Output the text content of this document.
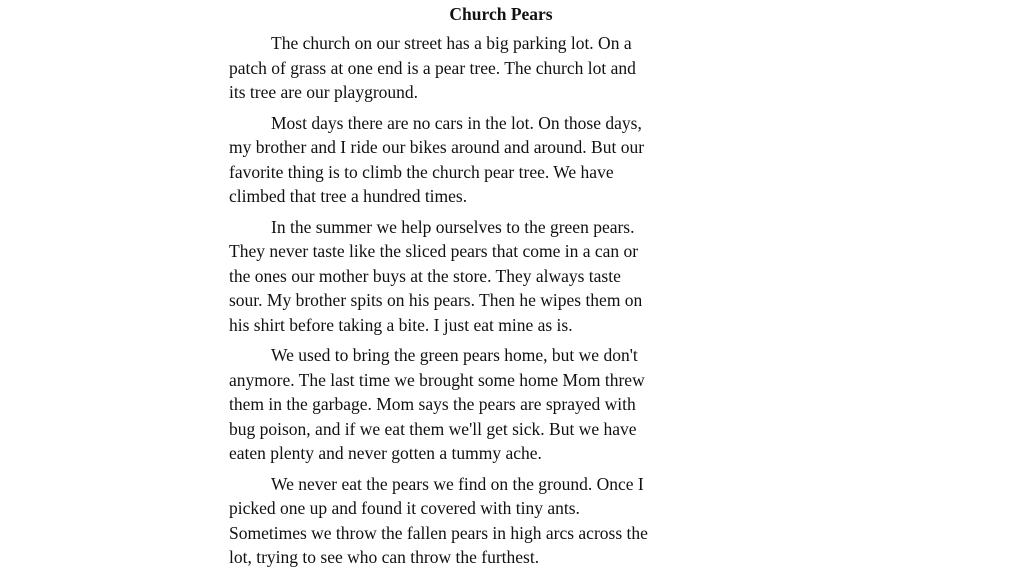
Church Pears
The church on our street has a big parking lot. On a
patch of grass at one end is a pear tree. The church lot and
its tree are our playground.
Most days there are no cars in the lot. On those days,
my brother and I ride our bikes around and around. But our
favorite thing is to climb the church pear tree. We have
climbed that tree a hundred times.
In the summer we help ourselves to the green pears.
They never taste like the sliced pears that come in a can or
the ones our mother buys at the store. They always taste
sour. My brother spits on his pears. Then he wipes them on
his shirt before taking a bite. I just eat mine as is.
We used to bring the green pears home, but we don't
anymore. The last time we brought some home Mom threw
them in the garbage. Mom says the pears are sprayed with
bug poison, and if we eat them we'll get sick. But we have
eaten plenty and never gotten a tummy ache.
We never eat the pears we find on the ground. Once I
picked one up and found it covered with tiny ants.
Sometimes we throw the fallen pears in high arcs across the
lot, trying to see who can throw the furthest.
